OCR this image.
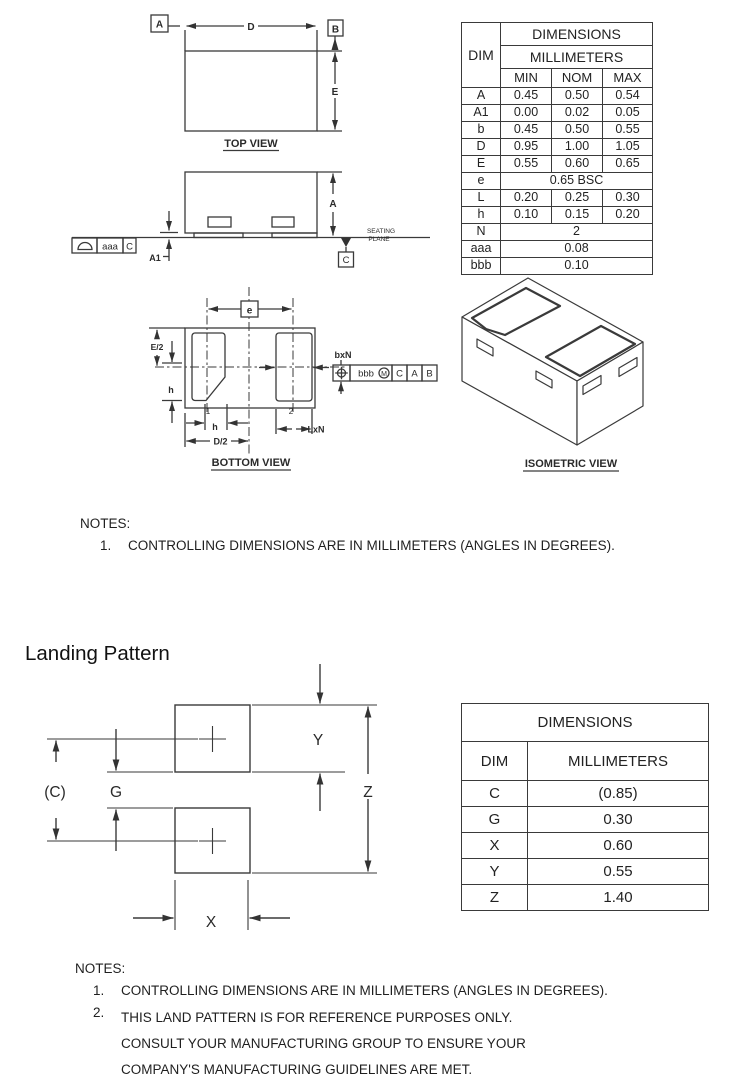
D
A	B
E
TOP VIEW
A
A1
aaa C
SEATING
PLANE
C
e
E/2
h
h
D/2
LxN
bxN
1	2
bbb M C A B
BOTTOM VIEW	ISOMETRIC VIEW
DIM	DIMENSIONS		
	MILLIMETERS		
	MIN	NOM	MAX
A	0.45	0.50	0.54
A1	0.00	0.02	0.05
b	0.45	0.50	0.55
D	0.95	1.00	1.05
E	0.55	0.60	0.65
e	0.65 BSC		
L	0.20	0.25	0.30
h	0.10	0.15	0.20
N	2		
aaa	0.08		
bbb	0.10		
NOTES:
1.	CONTROLLING DIMENSIONS ARE IN MILLIMETERS (ANGLES IN DEGREES).
Landing Pattern
Y
Z
(C)	G
X
DIMENSIONS	
DIM	MILLIMETERS
C	(0.85)
G	0.30
X	0.60
Y	0.55
Z	1.40
NOTES:
1.	CONTROLLING DIMENSIONS ARE IN MILLIMETERS (ANGLES IN DEGREES).
2.	THIS LAND PATTERN IS FOR REFERENCE PURPOSES ONLY.
CONSULT YOUR MANUFACTURING GROUP TO ENSURE YOUR
COMPANY'S MANUFACTURING GUIDELINES ARE MET.
